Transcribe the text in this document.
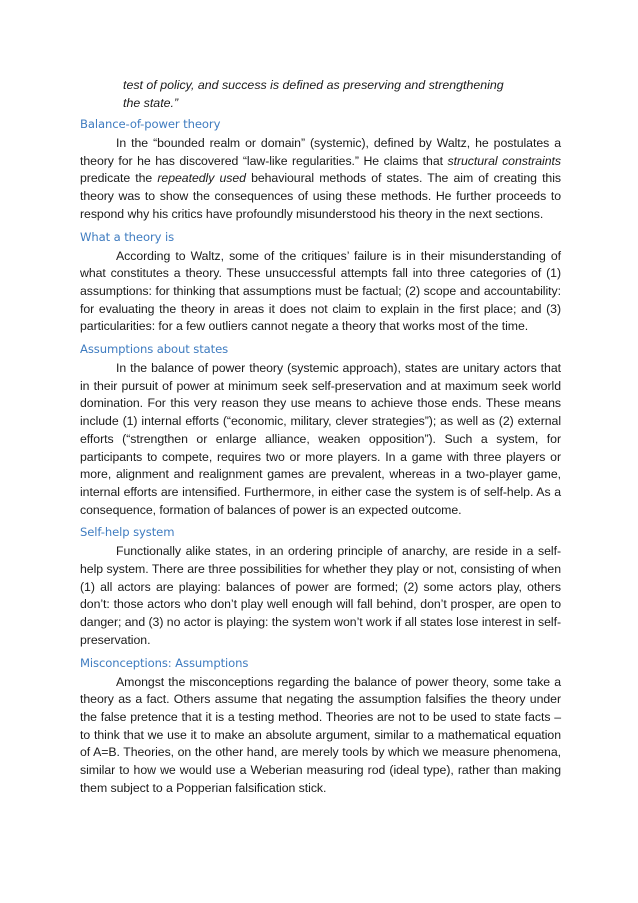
test of policy, and success is defined as preserving and strengthening
the state.”
Balance-of-power theory

In the “bounded realm or domain” (systemic), defined by Waltz, he postulates a theory for he has discovered “law-like regularities.” He claims that structural constraints predicate the repeatedly used behavioural methods of states. The aim of creating this theory was to show the consequences of using these methods. He further proceeds to respond why his critics have profoundly misunderstood his theory in the next sections.

What a theory is

According to Waltz, some of the critiques’ failure is in their misunderstanding of what constitutes a theory. These unsuccessful attempts fall into three categories of (1) assumptions: for thinking that assumptions must be factual; (2) scope and accountability: for evaluating the theory in areas it does not claim to explain in the first place; and (3) particularities: for a few outliers cannot negate a theory that works most of the time.

Assumptions about states

In the balance of power theory (systemic approach), states are unitary actors that in their pursuit of power at minimum seek self-preservation and at maximum seek world domination. For this very reason they use means to achieve those ends. These means include (1) internal efforts (“economic, military, clever strategies”); as well as (2) external efforts (“strengthen or enlarge alliance, weaken opposition”). Such a system, for participants to compete, requires two or more players. In a game with three players or more, alignment and realignment games are prevalent, whereas in a two-player game, internal efforts are intensified. Furthermore, in either case the system is of self-help. As a consequence, formation of balances of power is an expected outcome.

Self-help system

Functionally alike states, in an ordering principle of anarchy, are reside in a self-help system. There are three possibilities for whether they play or not, consisting of when (1) all actors are playing: balances of power are formed; (2) some actors play, others don’t: those actors who don’t play well enough will fall behind, don’t prosper, are open to danger; and (3) no actor is playing: the system won’t work if all states lose interest in self-preservation.

Misconceptions: Assumptions

Amongst the misconceptions regarding the balance of power theory, some take a theory as a fact. Others assume that negating the assumption falsifies the theory under the false pretence that it is a testing method. Theories are not to be used to state facts – to think that we use it to make an absolute argument, similar to a mathematical equation of A=B. Theories, on the other hand, are merely tools by which we measure phenomena, similar to how we would use a Weberian measuring rod (ideal type), rather than making them subject to a Popperian falsification stick.
